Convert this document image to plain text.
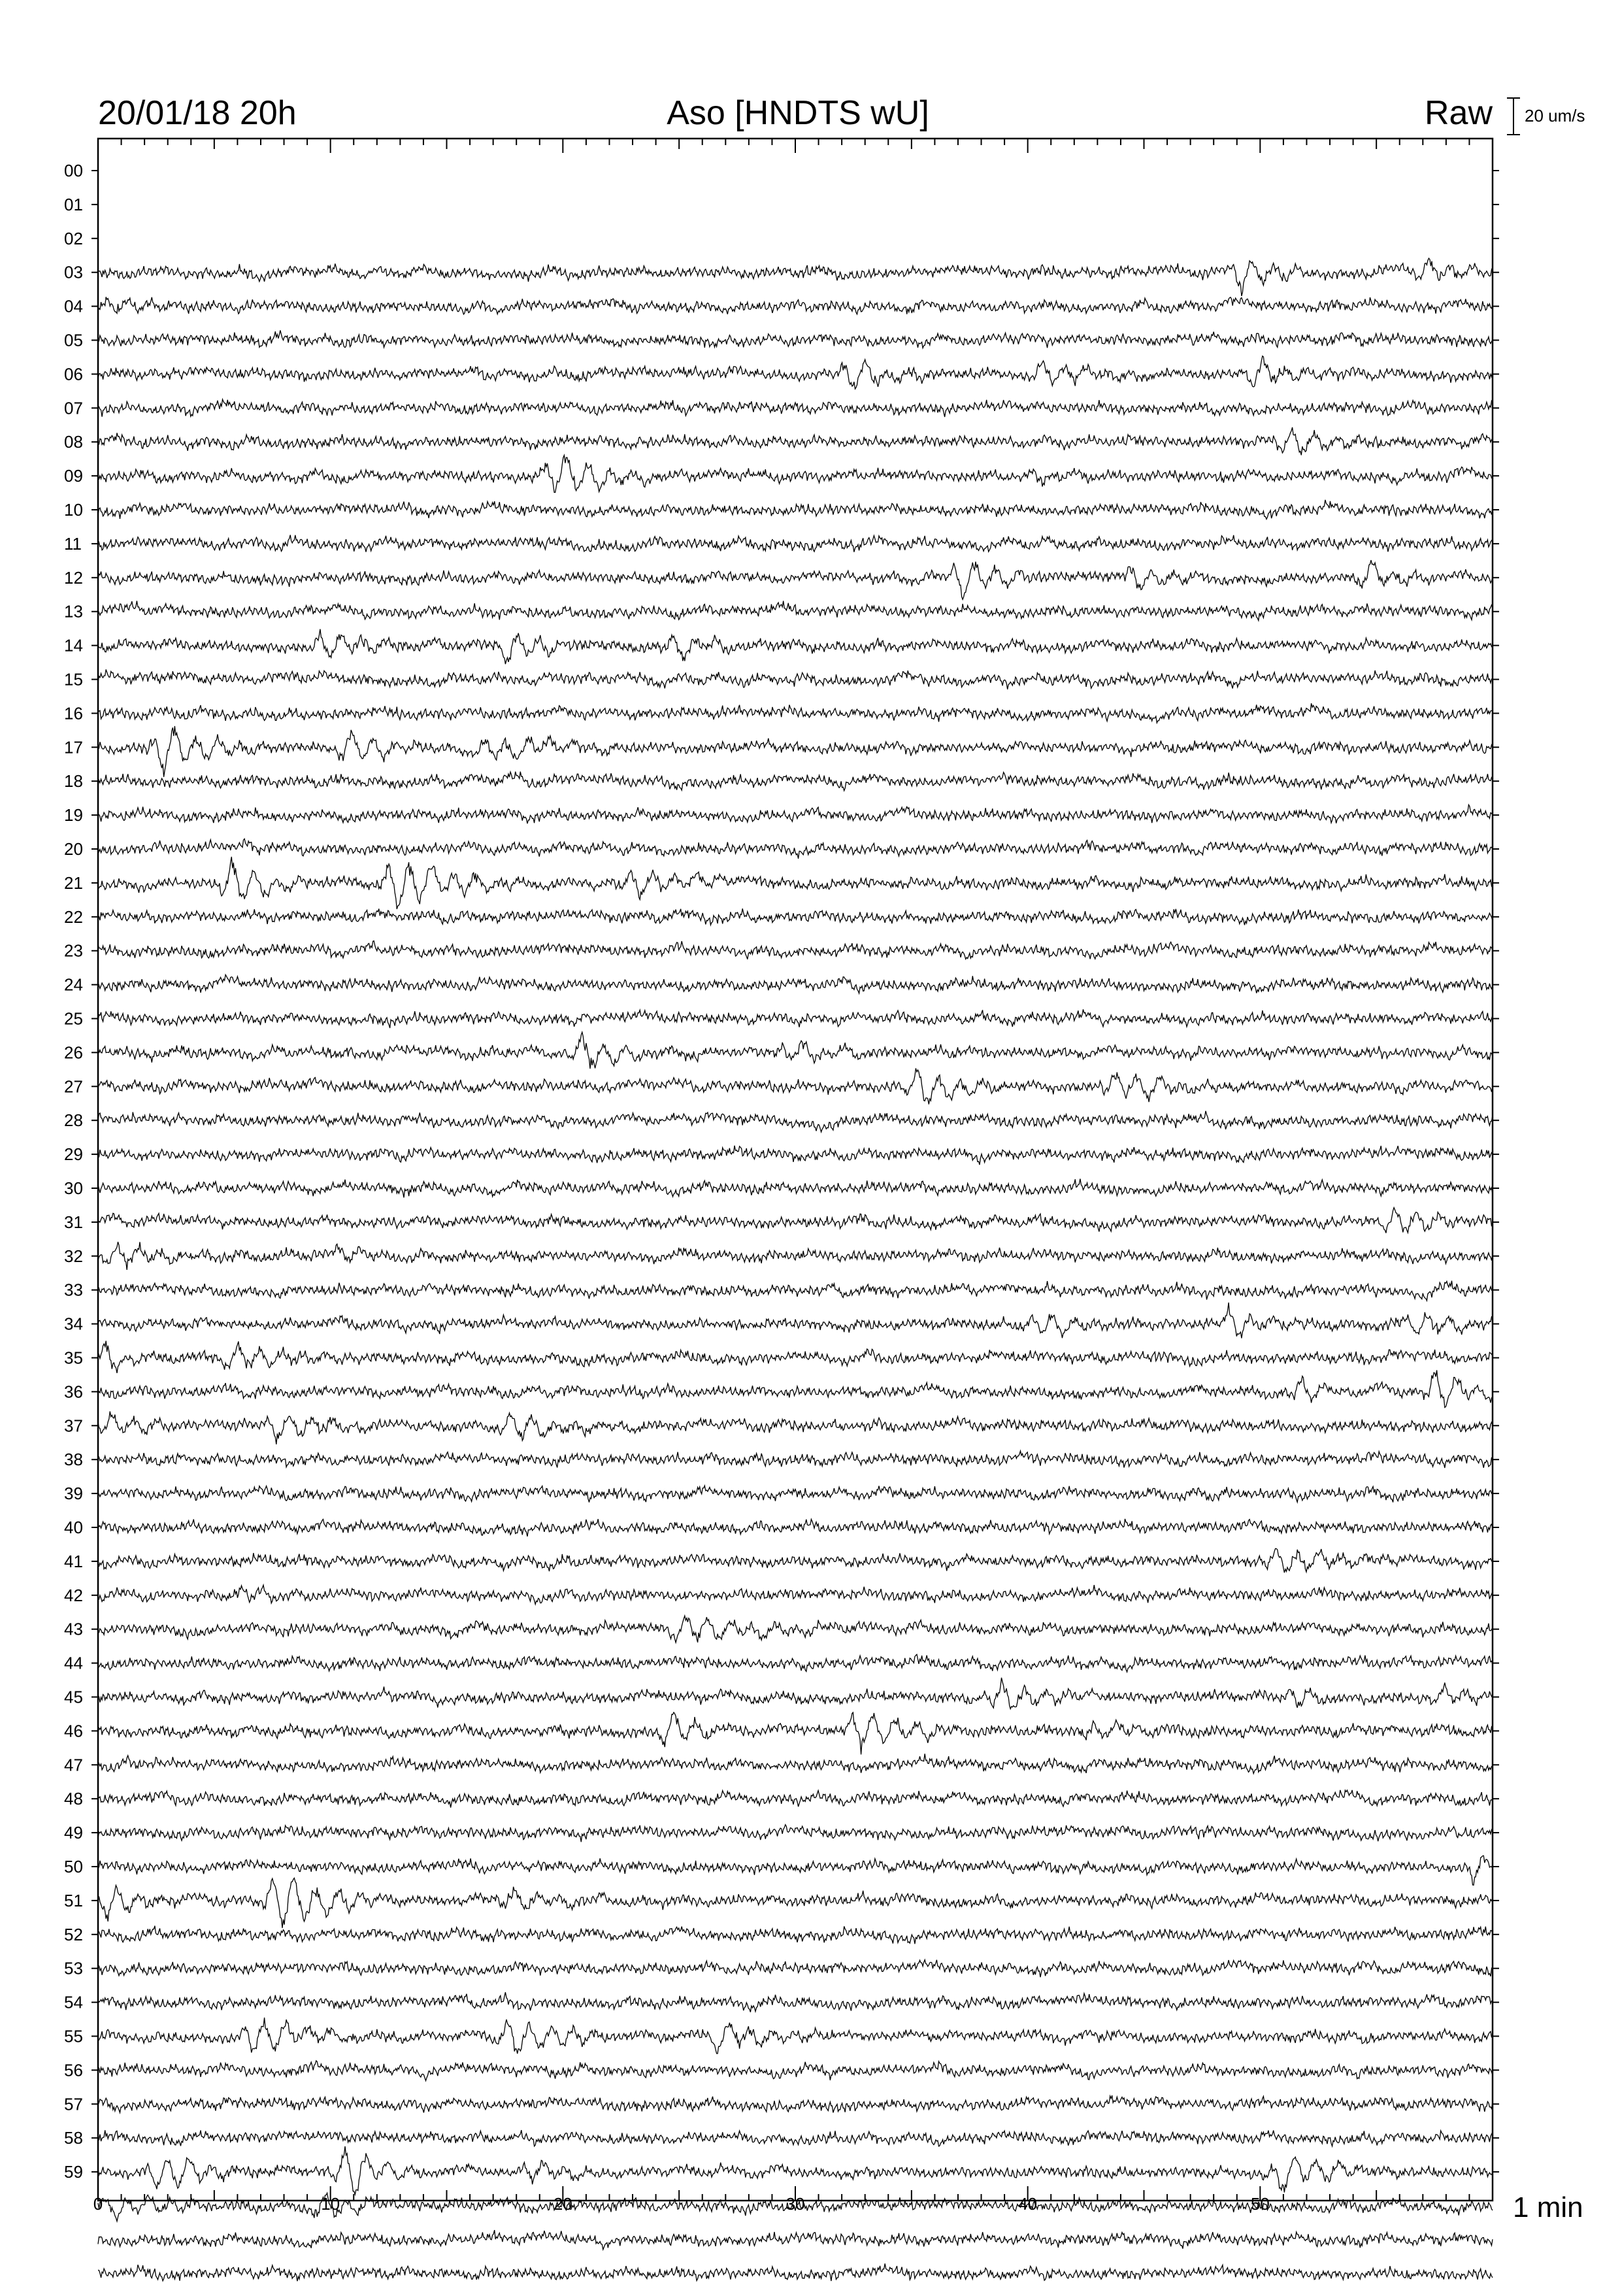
20/01/18 20h	Aso [HNDTS wU]	Raw 20 um/s
0	10	20	30	40	50
00
01
02
03
04
05
06
07
08
09
10
11
12
13
14
15
16
17
18
19
20
21
22
23
24
25
26
27
28
29
30
31
32
33
34
35
36
37
38
39
40
41
42
43
44
45
46
47
48
49
50
51
52
53
54
55
56
57
58
59
1 min
